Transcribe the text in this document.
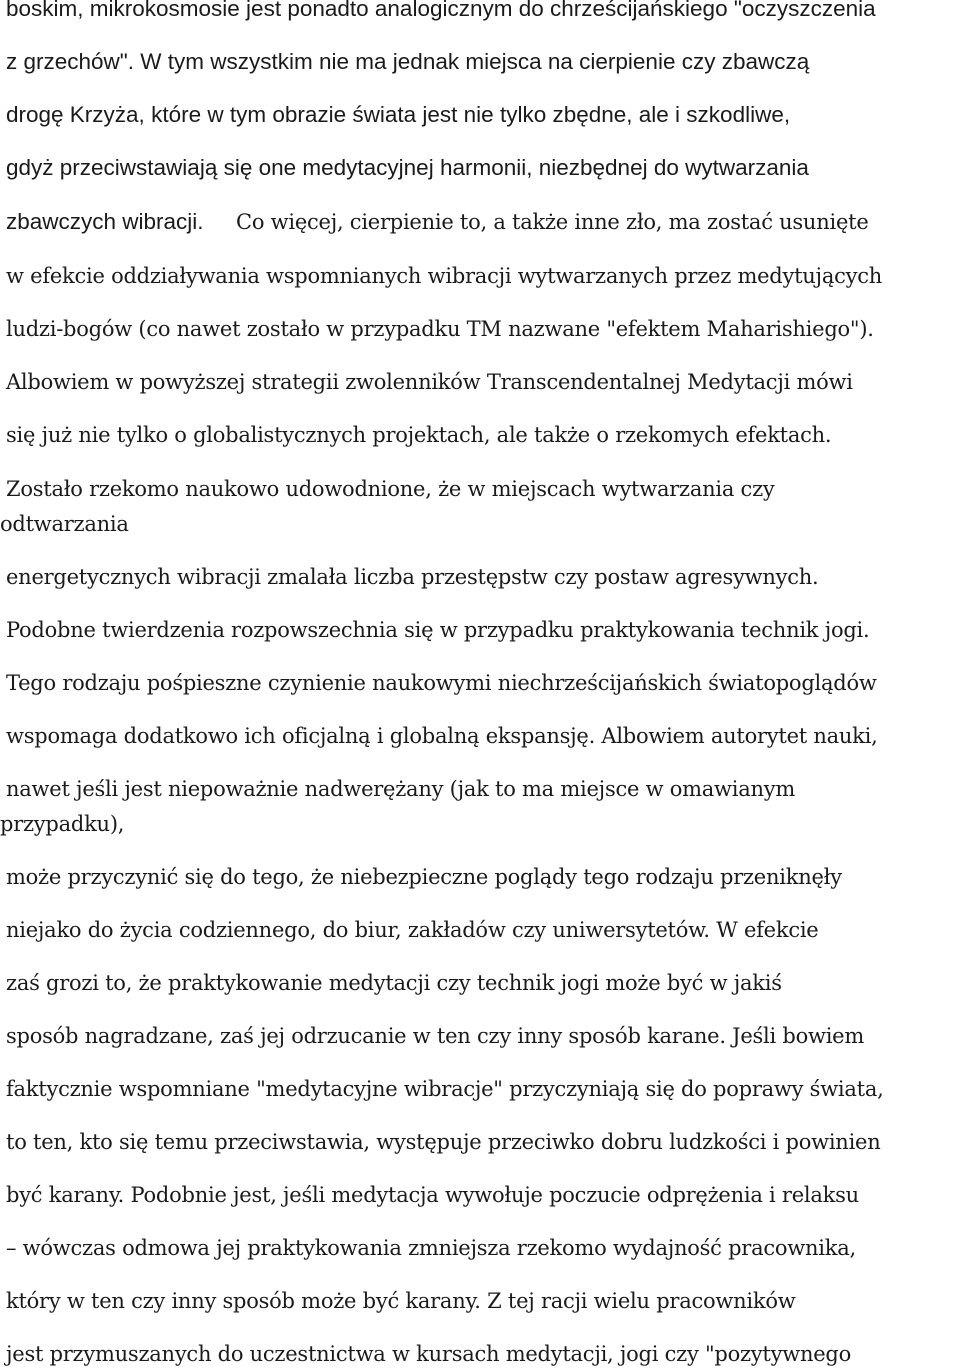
boskim, mikrokosmosie jest ponadto analogicznym do chrześcijańskiego "oczyszczenia
z grzechów". W tym wszystkim nie ma jednak miejsca na cierpienie czy zbawczą
drogę Krzyża, które w tym obrazie świata jest nie tylko zbędne, ale i szkodliwe,
gdyż przeciwstawiają się one medytacyjnej harmonii, niezbędnej do wytwarzania
zbawczych wibracji. Co więcej, cierpienie to, a także inne zło, ma zostać usunięte
w efekcie oddziaływania wspomnianych wibracji wytwarzanych przez medytujących
ludzi-bogów (co nawet zostało w przypadku TM nazwane "efektem Maharishiego").
Albowiem w powyższej strategii zwolenników Transcendentalnej Medytacji mówi
się już nie tylko o globalistycznych projektach, ale także o rzekomych efektach.
Zostało rzekomo naukowo udowodnione, że w miejscach wytwarzania czy
odtwarzania
energetycznych wibracji zmalała liczba przestępstw czy postaw agresywnych.
Podobne twierdzenia rozpowszechnia się w przypadku praktykowania technik jogi.
Tego rodzaju pośpieszne czynienie naukowymi niechrześcijańskich światopoglądów
wspomaga dodatkowo ich oficjalną i globalną ekspansję. Albowiem autorytet nauki,
nawet jeśli jest niepoważnie nadwerężany (jak to ma miejsce w omawianym
przypadku),
może przyczynić się do tego, że niebezpieczne poglądy tego rodzaju przeniknęły
niejako do życia codziennego, do biur, zakładów czy uniwersytetów. W efekcie
zaś grozi to, że praktykowanie medytacji czy technik jogi może być w jakiś
sposób nagradzane, zaś jej odrzucanie w ten czy inny sposób karane. Jeśli bowiem
faktycznie wspomniane "medytacyjne wibracje" przyczyniają się do poprawy świata,
to ten, kto się temu przeciwstawia, występuje przeciwko dobru ludzkości i powinien
być karany. Podobnie jest, jeśli medytacja wywołuje poczucie odprężenia i relaksu
– wówczas odmowa jej praktykowania zmniejsza rzekomo wydajność pracownika,
który w ten czy inny sposób może być karany. Z tej racji wielu pracowników
jest przymuszanych do uczestnictwa w kursach medytacji, jogi czy "pozytywnego
